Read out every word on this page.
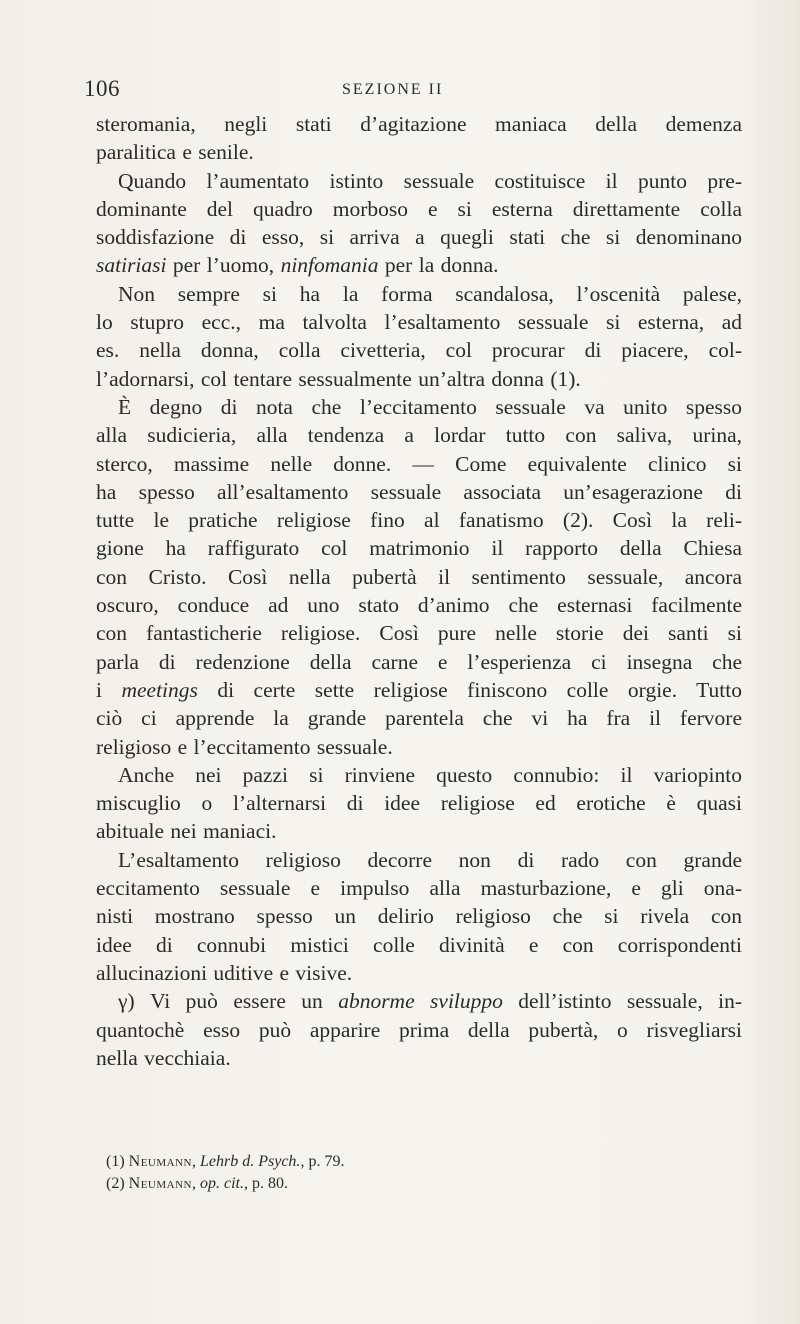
106	SEZIONE II
steromania, negli stati d’agitazione maniaca della demenza
paralitica e senile.
Quando l’aumentato istinto sessuale costituisce il punto pre-
dominante del quadro morboso e si esterna direttamente colla
soddisfazione di esso, si arriva a quegli stati che si denominano
satiriasi per l’uomo, ninfomania per la donna.
Non sempre si ha la forma scandalosa, l’oscenità palese,
lo stupro ecc., ma talvolta l’esaltamento sessuale si esterna, ad
es. nella donna, colla civetteria, col procurar di piacere, col-
l’adornarsi, col tentare sessualmente un’altra donna (1).
È degno di nota che l’eccitamento sessuale va unito spesso
alla sudicieria, alla tendenza a lordar tutto con saliva, urina,
sterco, massime nelle donne. — Come equivalente clinico si
ha spesso all’esaltamento sessuale associata un’esagerazione di
tutte le pratiche religiose fino al fanatismo (2). Così la reli-
gione ha raffigurato col matrimonio il rapporto della Chiesa
con Cristo. Così nella pubertà il sentimento sessuale, ancora
oscuro, conduce ad uno stato d’animo che esternasi facilmente
con fantasticherie religiose. Così pure nelle storie dei santi si
parla di redenzione della carne e l’esperienza ci insegna che
i meetings di certe sette religiose finiscono colle orgie. Tutto
ciò ci apprende la grande parentela che vi ha fra il fervore
religioso e l’eccitamento sessuale.
Anche nei pazzi si rinviene questo connubio: il variopinto
miscuglio o l’alternarsi di idee religiose ed erotiche è quasi
abituale nei maniaci.
L’esaltamento religioso decorre non di rado con grande
eccitamento sessuale e impulso alla masturbazione, e gli ona-
nisti mostrano spesso un delirio religioso che si rivela con
idee di connubi mistici colle divinità e con corrispondenti
allucinazioni uditive e visive.
γ) Vi può essere un abnorme sviluppo dell’istinto sessuale, in-
quantochè esso può apparire prima della pubertà, o risvegliarsi
nella vecchiaia.
(1) Neumann, Lehrb d. Psych., p. 79.
(2) Neumann, op. cit., p. 80.
